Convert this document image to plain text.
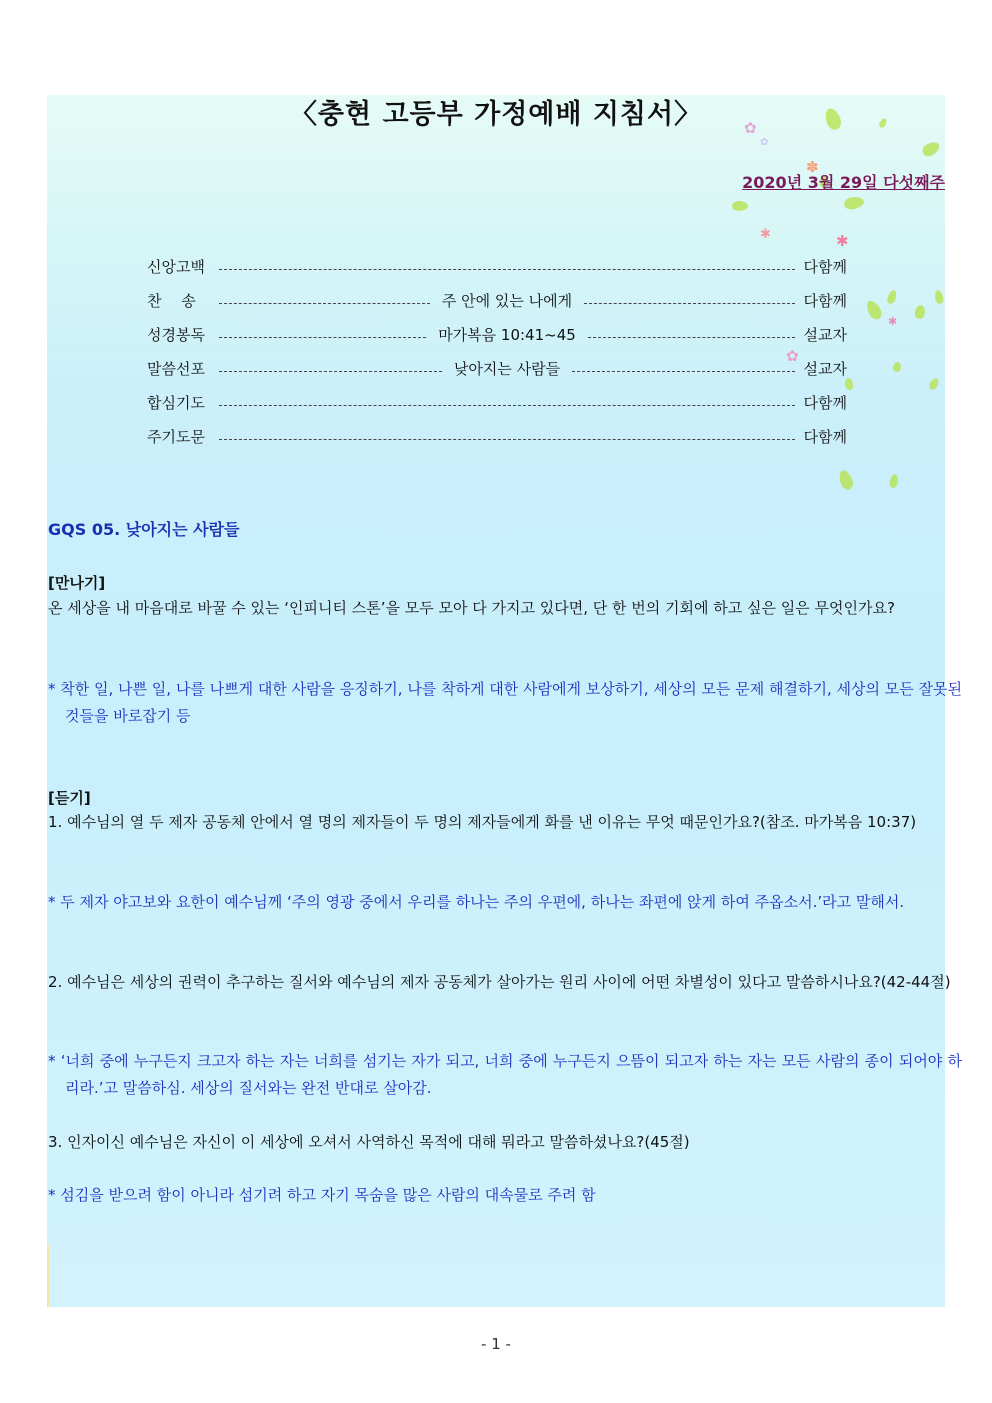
✿
✿
✽
✱	✱
✱
✿
〈충현 고등부 가정예배 지침서〉
2020년 3월 29일 다섯째주
신앙고백	다함께
찬　 송	주 안에 있는 나에게	다함께
성경봉독	마가복음 10:41~45	설교자
말씀선포	낮아지는 사람들	설교자
합심기도	다함께
주기도문	다함께
GQS 05. 낮아지는 사람들
[만나기]
온 세상을 내 마음대로 바꿀 수 있는 ‘인피니티 스톤’을 모두 모아 다 가지고 있다면, 단 한 번의 기회에 하고 싶은 일은 무엇인가요?
* 착한 일, 나쁜 일, 나를 나쁘게 대한 사람을 응징하기, 나를 착하게 대한 사람에게 보상하기, 세상의 모든 문제 해결하기, 세상의 모든 잘못된 것들을 바로잡기 등
[듣기]
1. 예수님의 열 두 제자 공동체 안에서 열 명의 제자들이 두 명의 제자들에게 화를 낸 이유는 무엇 때문인가요?(참조. 마가복음 10:37)
* 두 제자 야고보와 요한이 예수님께 ‘주의 영광 중에서 우리를 하나는 주의 우편에, 하나는 좌편에 앉게 하여 주옵소서.’라고 말해서.
2. 예수님은 세상의 권력이 추구하는 질서와 예수님의 제자 공동체가 살아가는 원리 사이에 어떤 차별성이 있다고 말씀하시나요?(42-44절)
* ‘너희 중에 누구든지 크고자 하는 자는 너희를 섬기는 자가 되고, 너희 중에 누구든지 으뜸이 되고자 하는 자는 모든 사람의 종이 되어야 하리라.’고 말씀하심. 세상의 질서와는 완전 반대로 살아감.
3. 인자이신 예수님은 자신이 이 세상에 오셔서 사역하신 목적에 대해 뭐라고 말씀하셨나요?(45절)
* 섬김을 받으려 함이 아니라 섬기려 하고 자기 목숨을 많은 사람의 대속물로 주려 함
- 1 -
